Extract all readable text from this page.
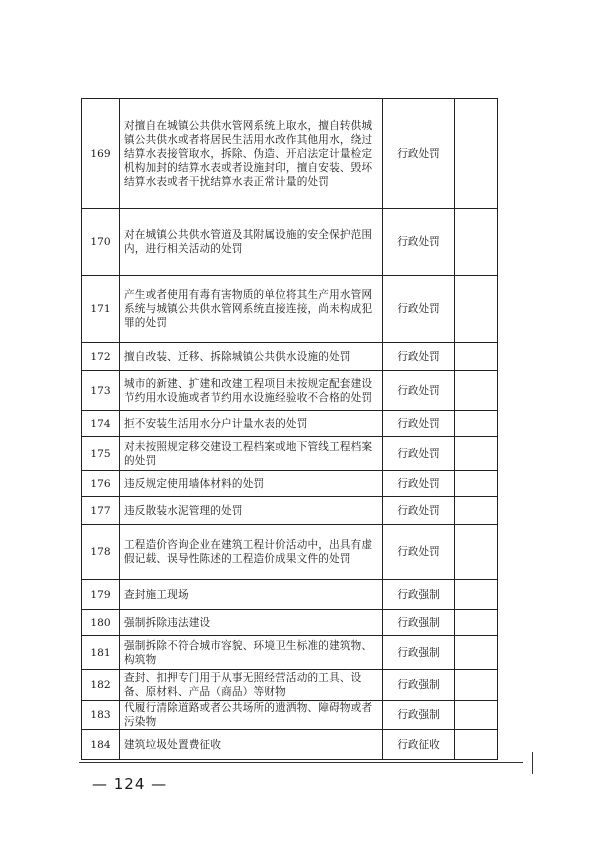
169	对擅自在城镇公共供水管网系统上取水，擅自转供城镇公共供水或者将居民生活用水改作其他用水，绕过结算水表接管取水，拆除、伪造、开启法定计量检定机构加封的结算水表或者设施封印，擅自安装、毁坏结算水表或者干扰结算水表正常计量的处罚	行政处罚	
170	对在城镇公共供水管道及其附属设施的安全保护范围内，进行相关活动的处罚	行政处罚	
171	产生或者使用有毒有害物质的单位将其生产用水管网系统与城镇公共供水管网系统直接连接，尚未构成犯罪的处罚	行政处罚	
172	擅自改装、迁移、拆除城镇公共供水设施的处罚	行政处罚	
173	城市的新建、扩建和改建工程项目未按规定配套建设节约用水设施或者节约用水设施经验收不合格的处罚	行政处罚	
174	拒不安装生活用水分户计量水表的处罚	行政处罚	
175	对未按照规定移交建设工程档案或地下管线工程档案的处罚	行政处罚	
176	违反规定使用墙体材料的处罚	行政处罚	
177	违反散装水泥管理的处罚	行政处罚	
178	工程造价咨询企业在建筑工程计价活动中，出具有虚假记载、误导性陈述的工程造价成果文件的处罚	行政处罚	
179	查封施工现场	行政强制	
180	强制拆除违法建设	行政强制	
181	强制拆除不符合城市容貌、环境卫生标准的建筑物、构筑物	行政强制	
182	查封、扣押专门用于从事无照经营活动的工具、设备、原材料、产品（商品）等财物	行政强制	
183	代履行清除道路或者公共场所的遗洒物、障碍物或者污染物	行政强制	
184	建筑垃圾处置费征收	行政征收	
— 124 —
